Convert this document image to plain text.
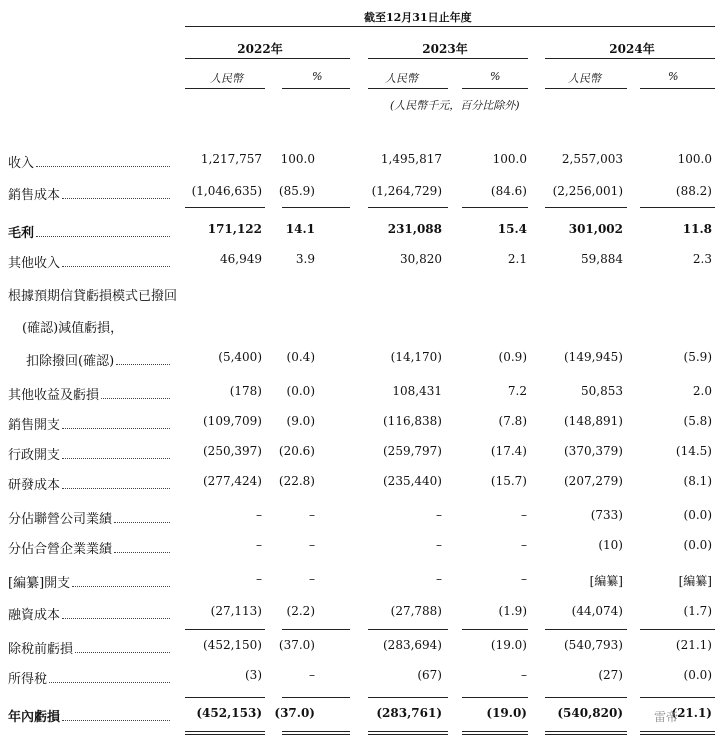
截至12月31日止年度
2022年	2023年	2024年
人民幣	%	人民幣	%	人民幣	%
(人民幣千元，百分比除外)
收入	1,217,757 100.0	1,495,817	100.0	2,557,003	100.0
銷售成本	(1,046,635) (85.9)	(1,264,729)	(84.6) (2,256,001)	(88.2)
毛利	171,122 14.1	231,088	15.4	301,002	11.8
其他收入	46,949	3.9	30,820	2.1	59,884	2.3
根據預期信貸虧損模式已撥回
(確認)減值虧損，
扣除撥回(確認)	(5,400) (0.4)	(14,170)	(0.9)	(149,945)	(5.9)
其他收益及虧損	(178) (0.0)	108,431	7.2	50,853	2.0
銷售開支	(109,709) (9.0)	(116,838)	(7.8)	(148,891)	(5.8)
行政開支	(250,397) (20.6)	(259,797)	(17.4)	(370,379)	(14.5)
研發成本	(277,424) (22.8)	(235,440)	(15.7)	(207,279)	(8.1)
分佔聯營公司業績	–	–	–	–	(733)	(0.0)
分佔合營企業業績	–	–	–	–	(10)	(0.0)
[編纂]開支	–	–	–	–	[編纂]	[編纂]
融資成本	(27,113) (2.2)	(27,788)	(1.9)	(44,074)	(1.7)
除稅前虧損	(452,150) (37.0)	(283,694)	(19.0)	(540,793)	(21.1)
所得稅	(3)	–	(67)	–	(27)	(0.0)
年內虧損	(452,153) (37.0)	(283,761)	(19.0)	(540,820)	(21.1)
雷帝
